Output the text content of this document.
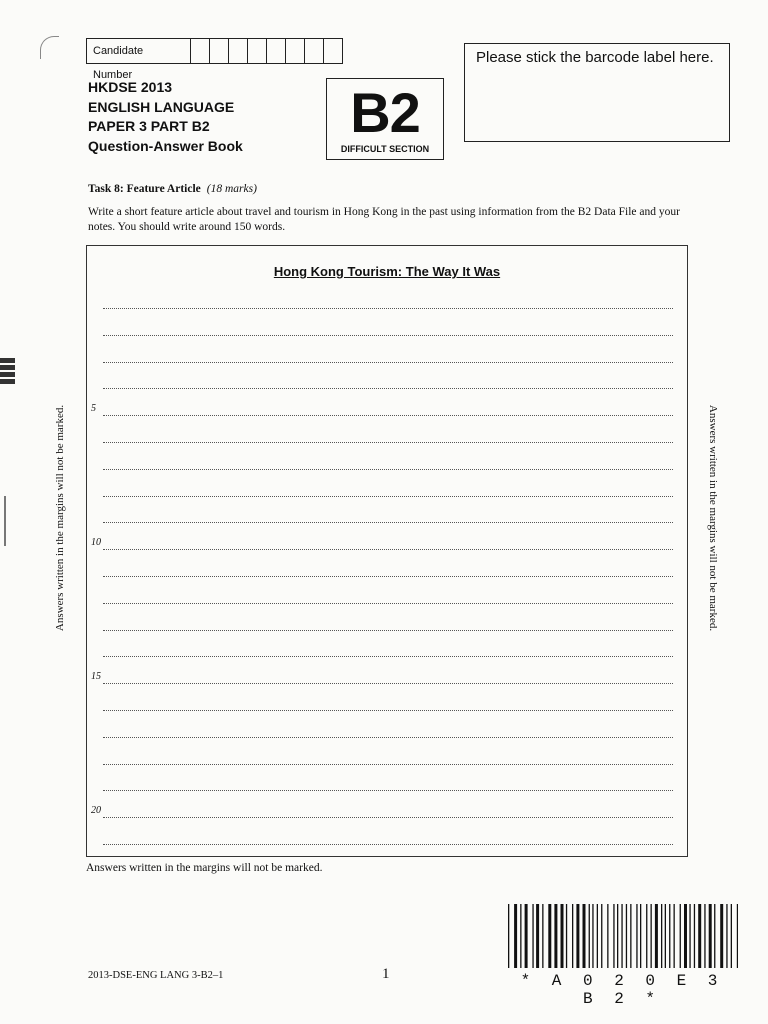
Candidate Number
HKDSE 2013
ENGLISH LANGUAGE
PAPER 3 PART B2
Question-Answer Book
B2
DIFFICULT SECTION
Please stick the barcode label here.
Task 8: Feature Article (18 marks)
Write a short feature article about travel and tourism in Hong Kong in the past using information from the B2 Data File and your notes. You should write around 150 words.
Hong Kong Tourism: The Way It Was
5
10
15
20
Answers written in the margins will not be marked.	Answers written in the margins will not be marked.
Answers written in the margins will not be marked.
2013-DSE-ENG LANG 3-B2–1	1	* A 0 2 0 E 3 B 2 *
